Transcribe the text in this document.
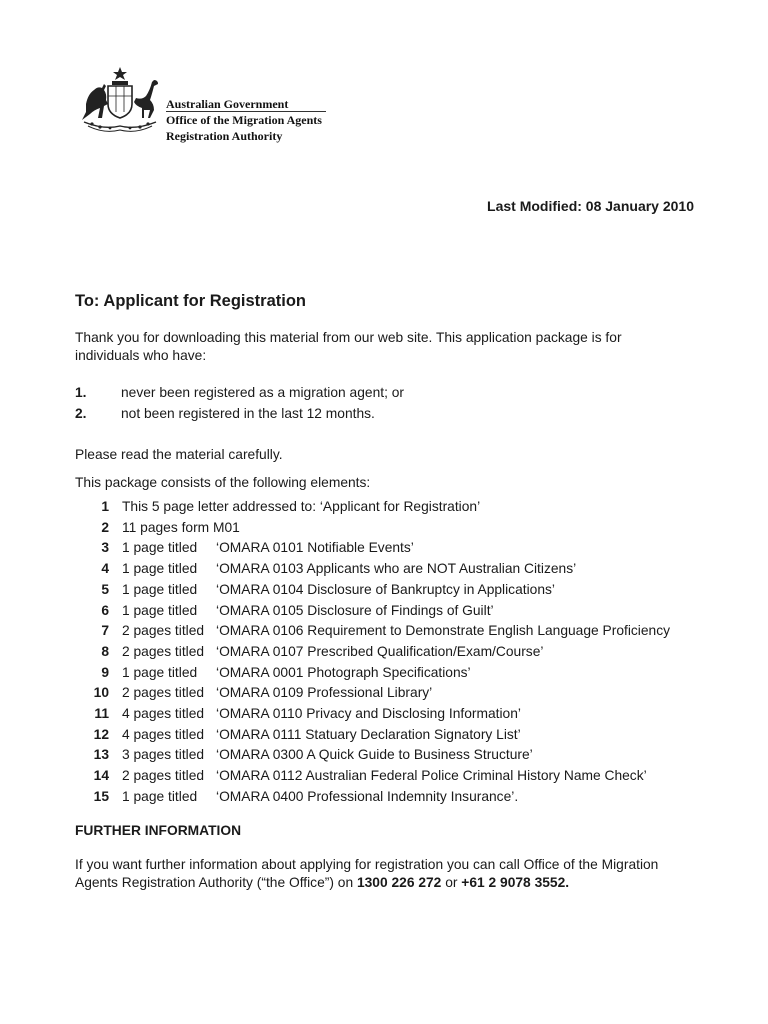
Australian Government
Office of the Migration Agents
Registration Authority
Last Modified: 08 January 2010
To: Applicant for Registration
Thank you for downloading this material from our web site. This application package is for individuals who have:
1. never been registered as a migration agent; or
2. not been registered in the last 12 months.
Please read the material carefully.
This package consists of the following elements:
1 This 5 page letter addressed to: ‘Applicant for Registration’
2 11 pages form M01
3 1 page titled ‘OMARA 0101 Notifiable Events’
4 1 page titled ‘OMARA 0103 Applicants who are NOT Australian Citizens’
5 1 page titled ‘OMARA 0104 Disclosure of Bankruptcy in Applications’
6 1 page titled ‘OMARA 0105 Disclosure of Findings of Guilt’
7 2 pages titled ‘OMARA 0106 Requirement to Demonstrate English Language Proficiency
8 2 pages titled ‘OMARA 0107 Prescribed Qualification/Exam/Course’
9 1 page titled ‘OMARA 0001 Photograph Specifications’
10 2 pages titled ‘OMARA 0109 Professional Library’
11 4 pages titled ‘OMARA 0110 Privacy and Disclosing Information’
12 4 pages titled ‘OMARA 0111 Statuary Declaration Signatory List’
13 3 pages titled ‘OMARA 0300 A Quick Guide to Business Structure’
14 2 pages titled ‘OMARA 0112 Australian Federal Police Criminal History Name Check’
15 1 page titled ‘OMARA 0400 Professional Indemnity Insurance’.
FURTHER INFORMATION
If you want further information about applying for registration you can call Office of the Migration Agents Registration Authority (“the Office”) on 1300 226 272 or +61 2 9078 3552.
